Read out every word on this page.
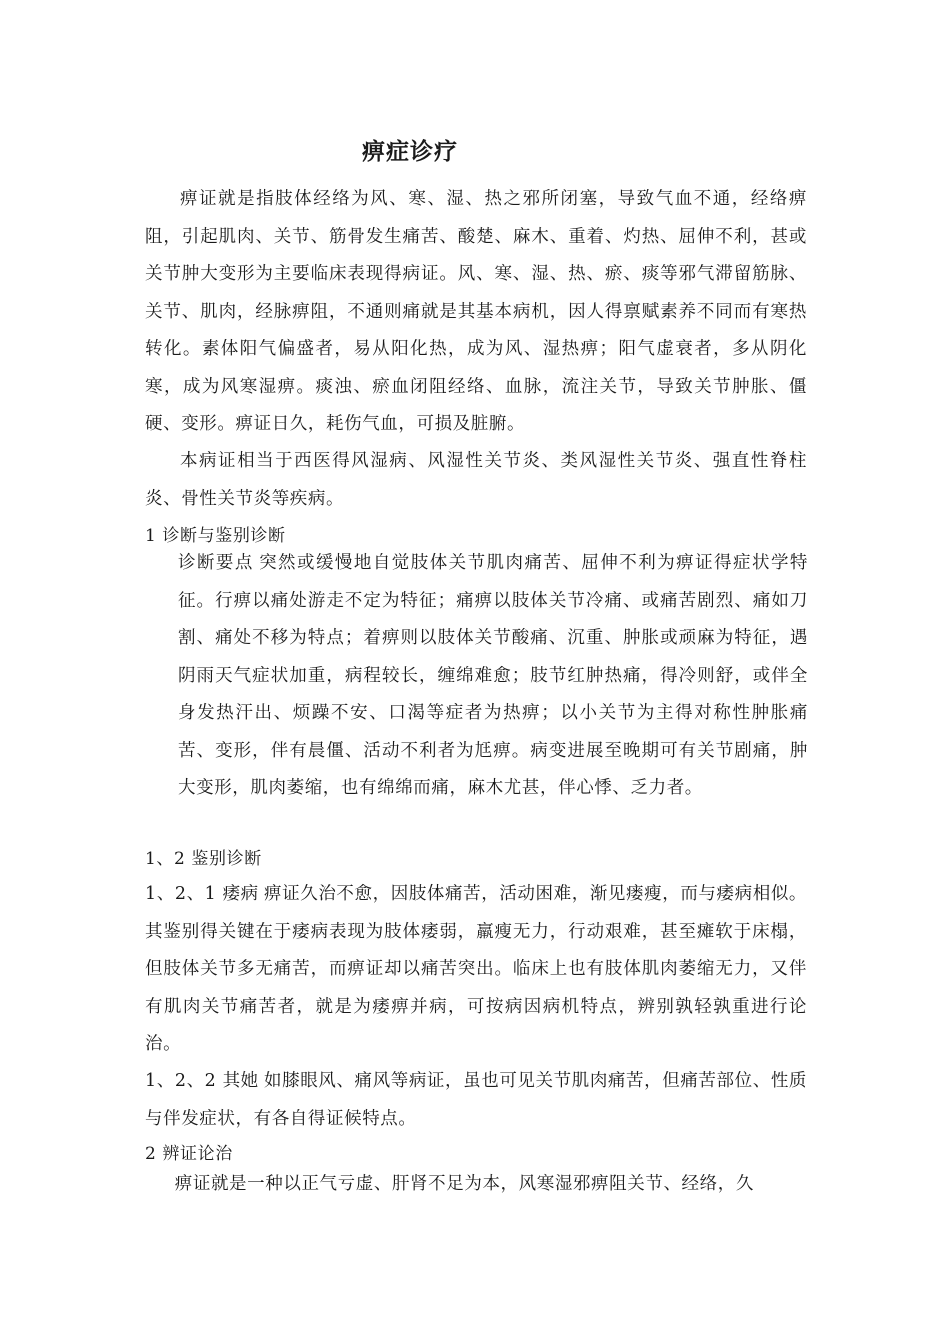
痹症诊疗

痹证就是指肢体经络为风、寒、湿、热之邪所闭塞，导致气血不通，经络痹阻，引起肌肉、关节、筋骨发生痛苦、酸楚、麻木、重着、灼热、屈伸不利，甚或关节肿大变形为主要临床表现得病证。风、寒、湿、热、瘀、痰等邪气滞留筋脉、关节、肌肉，经脉痹阻，不通则痛就是其基本病机，因人得禀赋素养不同而有寒热转化。素体阳气偏盛者，易从阳化热，成为风、湿热痹；阳气虚衰者，多从阴化寒，成为风寒湿痹。痰浊、瘀血闭阻经络、血脉，流注关节，导致关节肿胀、僵硬、变形。痹证日久，耗伤气血，可损及脏腑。

本病证相当于西医得风湿病、风湿性关节炎、类风湿性关节炎、强直性脊柱炎、骨性关节炎等疾病。

1 诊断与鉴别诊断

诊断要点 突然或缓慢地自觉肢体关节肌肉痛苦、屈伸不利为痹证得症状学特征。行痹以痛处游走不定为特征；痛痹以肢体关节冷痛、或痛苦剧烈、痛如刀割、痛处不移为特点；着痹则以肢体关节酸痛、沉重、肿胀或顽麻为特征，遇阴雨天气症状加重，病程较长，缠绵难愈；肢节红肿热痛，得冷则舒，或伴全身发热汗出、烦躁不安、口渴等症者为热痹；以小关节为主得对称性肿胀痛苦、变形，伴有晨僵、活动不利者为尪痹。病变进展至晚期可有关节剧痛，肿大变形，肌肉萎缩，也有绵绵而痛，麻木尤甚，伴心悸、乏力者。

1、2 鉴别诊断

1、2、1 痿病 痹证久治不愈，因肢体痛苦，活动困难，渐见瘘瘦，而与痿病相似。其鉴别得关键在于痿病表现为肢体痿弱，羸瘦无力，行动艰难，甚至瘫软于床榻，但肢体关节多无痛苦，而痹证却以痛苦突出。临床上也有肢体肌肉萎缩无力，又伴有肌肉关节痛苦者，就是为痿痹并病，可按病因病机特点，辨别孰轻孰重进行论治。

1、2、2 其她 如膝眼风、痛风等病证，虽也可见关节肌肉痛苦，但痛苦部位、性质与伴发症状，有各自得证候特点。

2 辨证论治

痹证就是一种以正气亏虚、肝肾不足为本，风寒湿邪痹阻关节、经络，久
